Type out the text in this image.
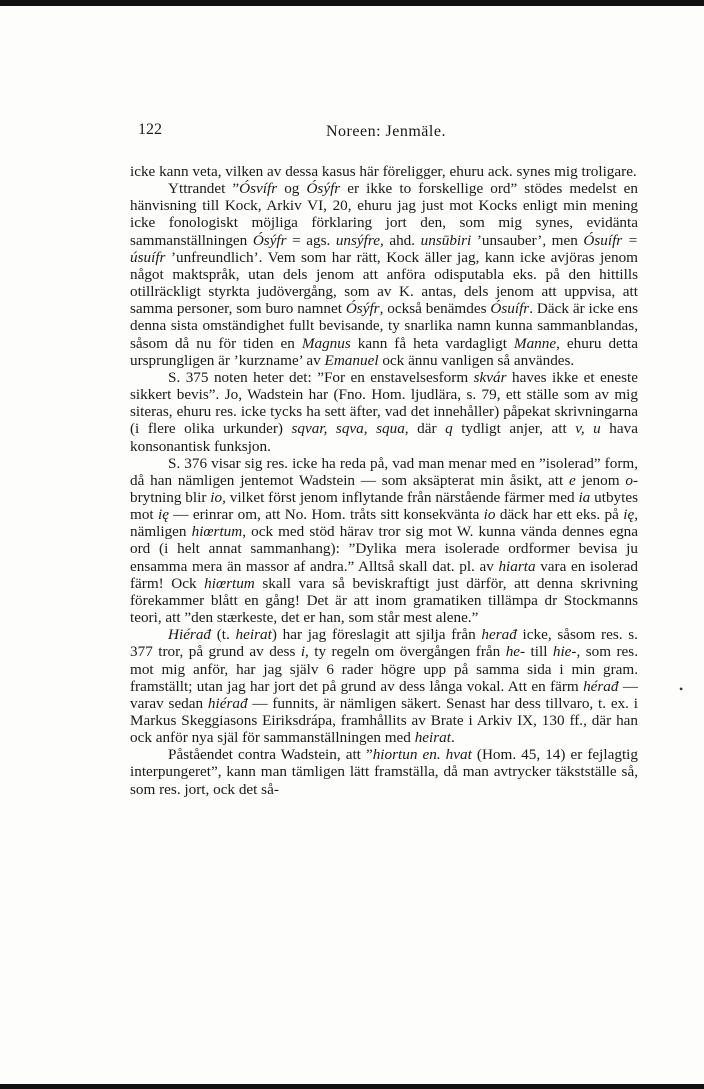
122	Noreen: Jenmäle.

icke kann veta, vilken av dessa kasus här föreligger, ehuru ack. synes mig troligare.

Yttrandet ”Ósvífr og Ósýfr er ikke to forskellige ord” stödes medelst en hänvisning till Kock, Arkiv VI, 20, ehuru jag just mot Kocks enligt min mening icke fonologiskt möjliga förklaring jort den, som mig synes, evidänta sammanställningen Ósýfr = ags. unsýfre, ahd. unsūbiri ’unsauber’, men Ósuífr = úsuífr ’unfreundlich’. Vem som har rätt, Kock äller jag, kann icke avjöras jenom något maktspråk, utan dels jenom att anföra odisputabla eks. på den hittills otillräckligt styrkta judövergång, som av K. antas, dels jenom att uppvisa, att samma personer, som buro namnet Ósýfr, också benämdes Ósuífr. Däck är icke ens denna sista omständighet fullt bevisande, ty snarlika namn kunna sammanblandas, såsom då nu för tiden en Magnus kann få heta vardagligt Manne, ehuru detta ursprungligen är ’kurzname’ av Emanuel ock ännu vanligen så användes.

S. 375 noten heter det: ”For en enstavelsesform skvár haves ikke et eneste sikkert bevis”. Jo, Wadstein har (Fno. Hom. ljudlära, s. 79, ett ställe som av mig siteras, ehuru res. icke tycks ha sett äfter, vad det innehåller) påpekat skrivningarna (i flere olika urkunder) sqvar, sqva, squa, där q tydligt anjer, att v, u hava konsonantisk funksjon.

S. 376 visar sig res. icke ha reda på, vad man menar med en ”isolerad” form, då han nämligen jentemot Wadstein — som aksäpterat min åsikt, att e jenom o-brytning blir io, vilket först jenom inflytande från närstående färmer med ia utbytes mot ię — erinrar om, att No. Hom. tråts sitt konsekvänta io däck har ett eks. på ię, nämligen hiœrtum, ock med stöd härav tror sig mot W. kunna vända dennes egna ord (i helt annat sammanhang): ”Dylika mera isolerade ordformer bevisa ju ensamma mera än massor af andra.” Alltså skall dat. pl. av hiarta vara en isolerad färm! Ock hiœrtum skall vara så beviskraftigt just därför, att denna skrivning förekammer blått en gång! Det är att inom gramatiken tillämpa dr Stockmanns teori, att ”den stærkeste, det er han, som står mest alene.”

Hiérađ (t. heirat) har jag föreslagit att sjilja från herađ icke, såsom res. s. 377 tror, på grund av dess i, ty regeln om övergången från he- till hie-, som res. mot mig anför, har jag själv 6 rader högre upp på samma sida i min gram. framställt; utan jag har jort det på grund av dess långa vokal. Att en färm hérađ — varav sedan hiérađ — funnits, är nämligen säkert. Senast har dess tillvaro, t. ex. i Markus Skeggiasons Eiriksdrápa, framhållits av Brate i Arkiv IX, 130 ff., där han ock anför nya själ för sammanställningen med heirat.

Påståendet contra Wadstein, att ”hiortun en. hvat (Hom. 45, 14) er fejlagtig interpungeret”, kann man tämligen lätt framställa, då man avtrycker täkstställe så, som res. jort, ock det så-

•
